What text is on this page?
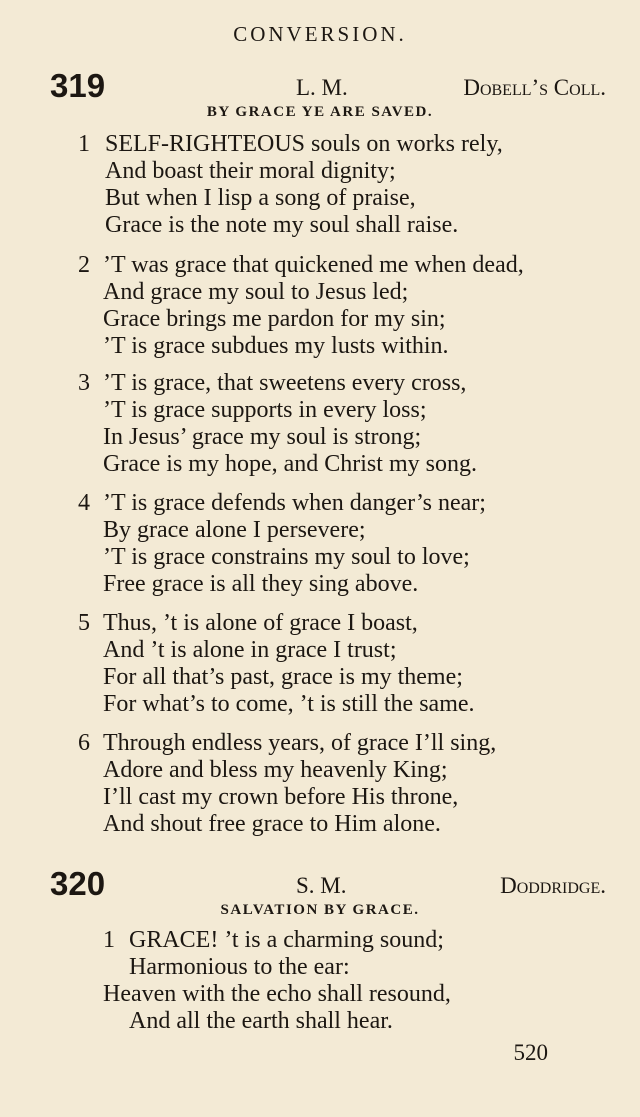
CONVERSION.
319	L. M.	Dobell’s Coll.
BY GRACE YE ARE SAVED.
1 SELF-RIGHTEOUS souls on works rely,
And boast their moral dignity;
But when I lisp a song of praise,
Grace is the note my soul shall raise.
2 ’T was grace that quickened me when dead,
And grace my soul to Jesus led;
Grace brings me pardon for my sin;
’T is grace subdues my lusts within.
3 ’T is grace, that sweetens every cross,
’T is grace supports in every loss;
In Jesus’ grace my soul is strong;
Grace is my hope, and Christ my song.
4 ’T is grace defends when danger’s near;
By grace alone I persevere;
’T is grace constrains my soul to love;
Free grace is all they sing above.
5 Thus, ’t is alone of grace I boast,
And ’t is alone in grace I trust;
For all that’s past, grace is my theme;
For what’s to come, ’t is still the same.
6 Through endless years, of grace I’ll sing,
Adore and bless my heavenly King;
I’ll cast my crown before His throne,
And shout free grace to Him alone.
320	S. M.	Doddridge.
SALVATION BY GRACE.
1 GRACE! ’t is a charming sound;
Harmonious to the ear:
Heaven with the echo shall resound,
And all the earth shall hear.
520
